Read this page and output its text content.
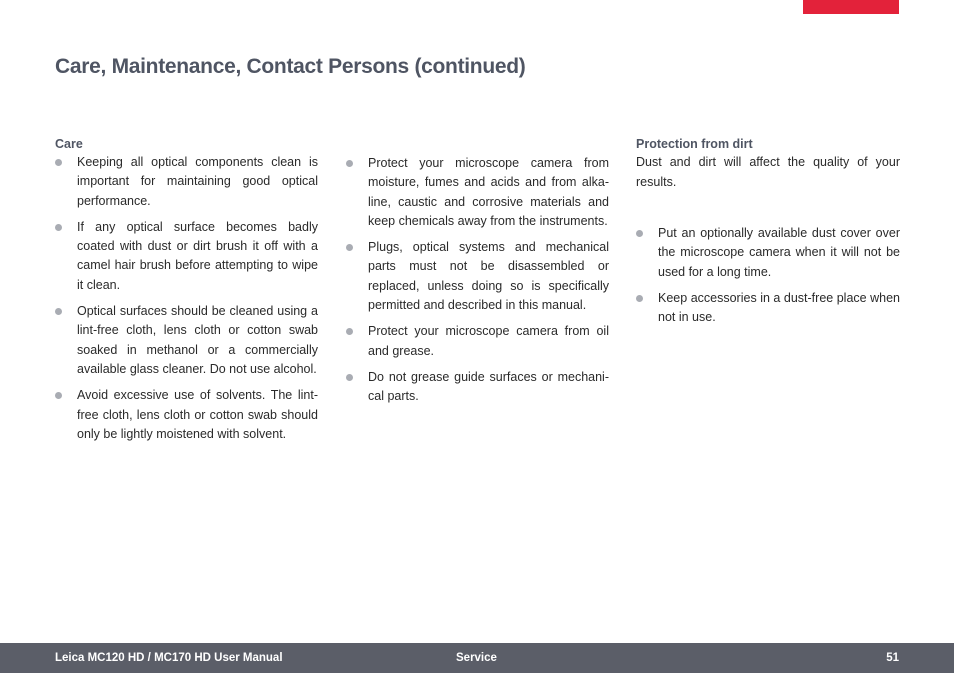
Care, Maintenance, Contact Persons (continued)
Care
Keeping all optical components clean is important for maintaining good optical performance.
If any optical surface becomes badly coated with dust or dirt brush it off with a camel hair brush before attempting to wipe it clean.
Optical surfaces should be cleaned using a lint-free cloth, lens cloth or cotton swab soaked in methanol or a commercially available glass cleaner. Do not use alcohol.
Avoid excessive use of solvents. The lint-free cloth, lens cloth or cotton swab should only be lightly moistened with solvent.
Protect your microscope camera from moisture, fumes and acids and from alka-line, caustic and corrosive materials and keep chemicals away from the instruments.
Plugs, optical systems and mechanical parts must not be disassembled or replaced, unless doing so is specifically permitted and described in this manual.
Protect your microscope camera from oil and grease.
Do not grease guide surfaces or mechani-cal parts.
Protection from dirt

Dust and dirt will affect the quality of your results.

Put an optionally available dust cover over the microscope camera when it will not be used for a long time.
Keep accessories in a dust-free place when not in use.
Leica MC120 HD / MC170 HD User Manual	Service	51
